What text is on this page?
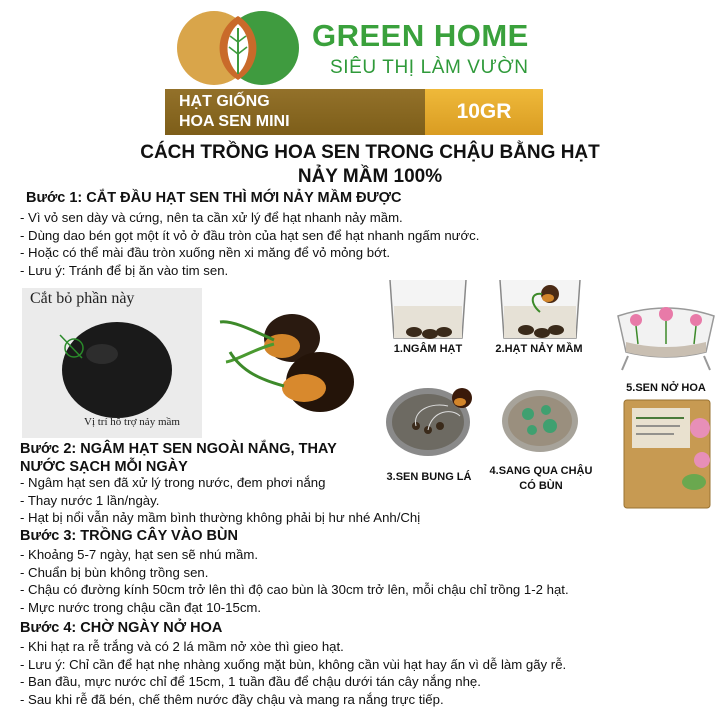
GREEN HOME
SIÊU THỊ LÀM VƯỜN
HẠT GIỐNG
HOA SEN MINI	10GR
CÁCH TRỒNG HOA SEN TRONG CHẬU BẰNG HẠT
NẢY MẦM 100%
Bước 1: CẮT ĐẦU HẠT SEN THÌ MỚI NẢY MẦM ĐƯỢC
- Vì vỏ sen dày và cứng, nên ta cần xử lý để hạt nhanh nảy mầm.
- Dùng dao bén gọt một ít vỏ ở đầu tròn của hạt sen để hạt nhanh ngấm nước.
- Hoặc có thể mài đầu tròn xuống nền xi măng để vỏ mỏng bớt.
- Lưu ý: Tránh để bị ăn vào tim sen.
Cắt bỏ phần này
Vị trí hỗ trợ nảy mầm
1.NGÂM HẠT	2.HẠT NẢY MẦM
5.SEN NỞ HOA
3.SEN BUNG LÁ	4.SANG QUA CHẬU
CÓ BÙN
Bước 2: NGÂM HẠT SEN NGOÀI NẮNG, THAY
NƯỚC SẠCH MỖI NGÀY
- Ngâm hạt sen đã xử lý trong nước, đem phơi nắng
- Thay nước 1 lần/ngày.
- Hạt bị nổi vẫn nảy mầm bình thường không phải bị hư nhé Anh/Chị
Bước 3: TRỒNG CÂY VÀO BÙN
- Khoảng 5-7 ngày, hạt sen sẽ nhú mầm.
- Chuẩn bị bùn không trồng sen.
- Chậu có đường kính 50cm trở lên thì độ cao bùn là 30cm trở lên, mỗi chậu chỉ trồng 1-2 hạt.
- Mực nước trong chậu cần đạt 10-15cm.
Bước 4: CHỜ NGÀY NỞ HOA
- Khi hạt ra rễ trắng và có 2 lá mầm nở xòe thì gieo hạt.
- Lưu ý: Chỉ cần để hạt nhẹ nhàng xuống mặt bùn, không cần vùi hạt hay ấn vì dễ làm gãy rễ.
- Ban đầu, mực nước chỉ để 15cm, 1 tuần đầu để chậu dưới tán cây nắng nhẹ.
- Sau khi rễ đã bén, chế thêm nước đầy chậu và mang ra nắng trực tiếp.
